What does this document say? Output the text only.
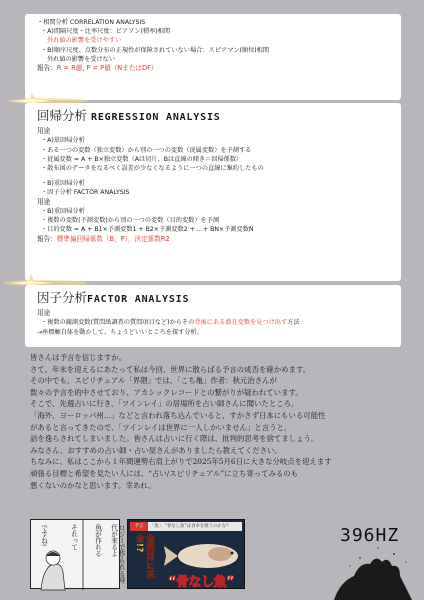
・相関分析 CORRELATION ANALYSIS
・A)間隔尺度・比率尺度：ピアソン(積率)相関
外れ値の影響を受けやすい
・B)順序尺度、点数分布の正規性が保障されていない場合：スピアマン(順位)相関
外れ値の影響を受けない
報告：R = R値, P = P値（NまたはDF）
回帰分析 REGRESSION ANALYSIS
用途
・A)単回帰分析
・ある一つの変数（独立変数）から別の一つの変数（従属変数）を予測する
・従属変数 = A + B×独立変数（Aは切片、Bは直線の傾き＝回帰係数）
・散布図のデータをなるべく誤差が少なくなるように一つの直線に集約したもの
・B)重回帰分析
・因子分析 FACTOR ANALYSIS
用途
・B)重回帰分析
・複数の変数(予測変数)から別の一つの変数（目的変数）を予測
・目的変数 = A + B1×予測変数1 + B2×予測変数2 + …+ BN×予測変数N
報告：標準偏回帰係数（B，P），決定係数R2
因子分析FACTOR ANALYSIS
用途
・複数の観測変数(質問紙調査の質問項目など)からその背後にある潜在変数を見つけ出す方法
→座標軸自体を動かして、ちょうどいいところを探す分析。
皆さんは予言を信じますか。
さて、年末を迎えるにあたって私は今回、世界に散らばる予言の成否を確かめます。
その中でも、スピリチュアル「界隈」では、「こち亀」作者：秋元治さんが
数々の予言を的中させており、アカシックレコードとの繋がりが疑われています。
そこで、先週占いに行き、「ツインレイ」の居場所を占い師さんに聞いたところ、
「海外、ヨーロッパ州…」などと言われ落ち込んでいると、すかさず日本にもいる可能性
があると言ってきたので、「ツインレイは世界に一人しかいません」と言うと、
話を逸らされてしまいました。皆さんは占いに行く際は、批判的思考を捨てましょう。
みなさん、おすすめの占い師・占い屋さんがありましたら教えてください。
ちなみに、私はここから１年間運勢右肩上がりで2025年5月6日に大きな分岐点を迎えます
頑張る目標と希望を見たい人には、“占い/スピリチュアル”に立ち寄ってみるのも
悪くないのかなと思います。幸あれ。
ロジーで作られる時代が来るよ
魚が作れる
それって
ですね!	予言	「魚」 “骨なし魚”は食卓を救うのかな？
魚業界に革命!?
“骨なし魚”
396HZ
